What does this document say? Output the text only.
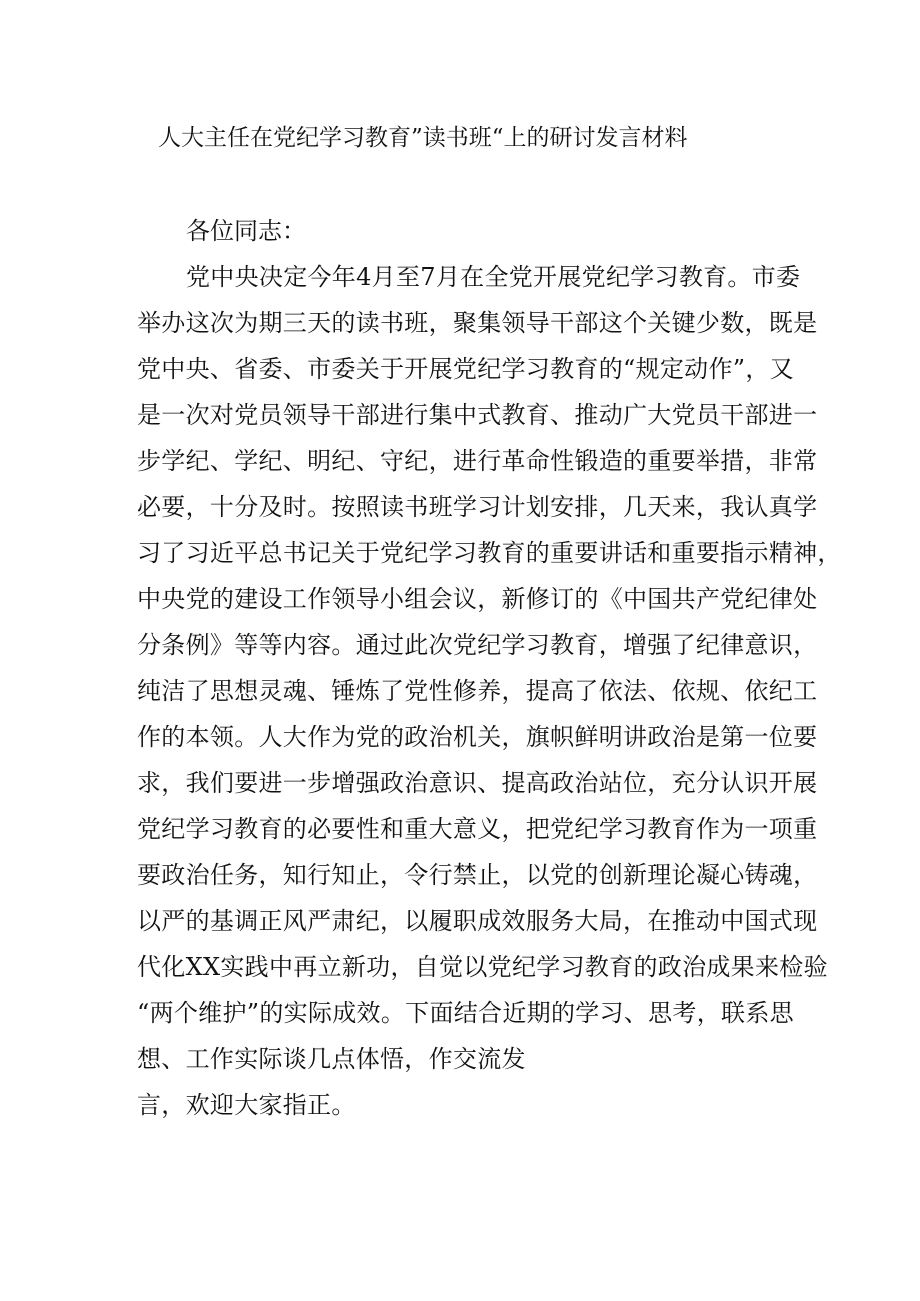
人大主任在党纪学习教育”读书班“上的研讨发言材料
各位同志：
党中央决定今年4月至7月在全党开展党纪学习教育。市委
举办这次为期三天的读书班，聚集领导干部这个关键少数，既是
党中央、省委、市委关于开展党纪学习教育的“规定动作”，又
是一次对党员领导干部进行集中式教育、推动广大党员干部进一
步学纪、学纪、明纪、守纪，进行革命性锻造的重要举措，非常
必要，十分及时。按照读书班学习计划安排，几天来，我认真学
习了习近平总书记关于党纪学习教育的重要讲话和重要指示精神，
中央党的建设工作领导小组会议，新修订的《中国共产党纪律处
分条例》等等内容。通过此次党纪学习教育，增强了纪律意识，
纯洁了思想灵魂、锤炼了党性修养，提高了依法、依规、依纪工
作的本领。人大作为党的政治机关，旗帜鲜明讲政治是第一位要
求，我们要进一步增强政治意识、提高政治站位，充分认识开展
党纪学习教育的必要性和重大意义，把党纪学习教育作为一项重
要政治任务，知行知止，令行禁止，以党的创新理论凝心铸魂，
以严的基调正风严肃纪，以履职成效服务大局，在推动中国式现
代化XX实践中再立新功，自觉以党纪学习教育的政治成果来检验
“两个维护”的实际成效。下面结合近期的学习、思考，联系思
想、工作实际谈几点体悟，作交流发
言，欢迎大家指正。
